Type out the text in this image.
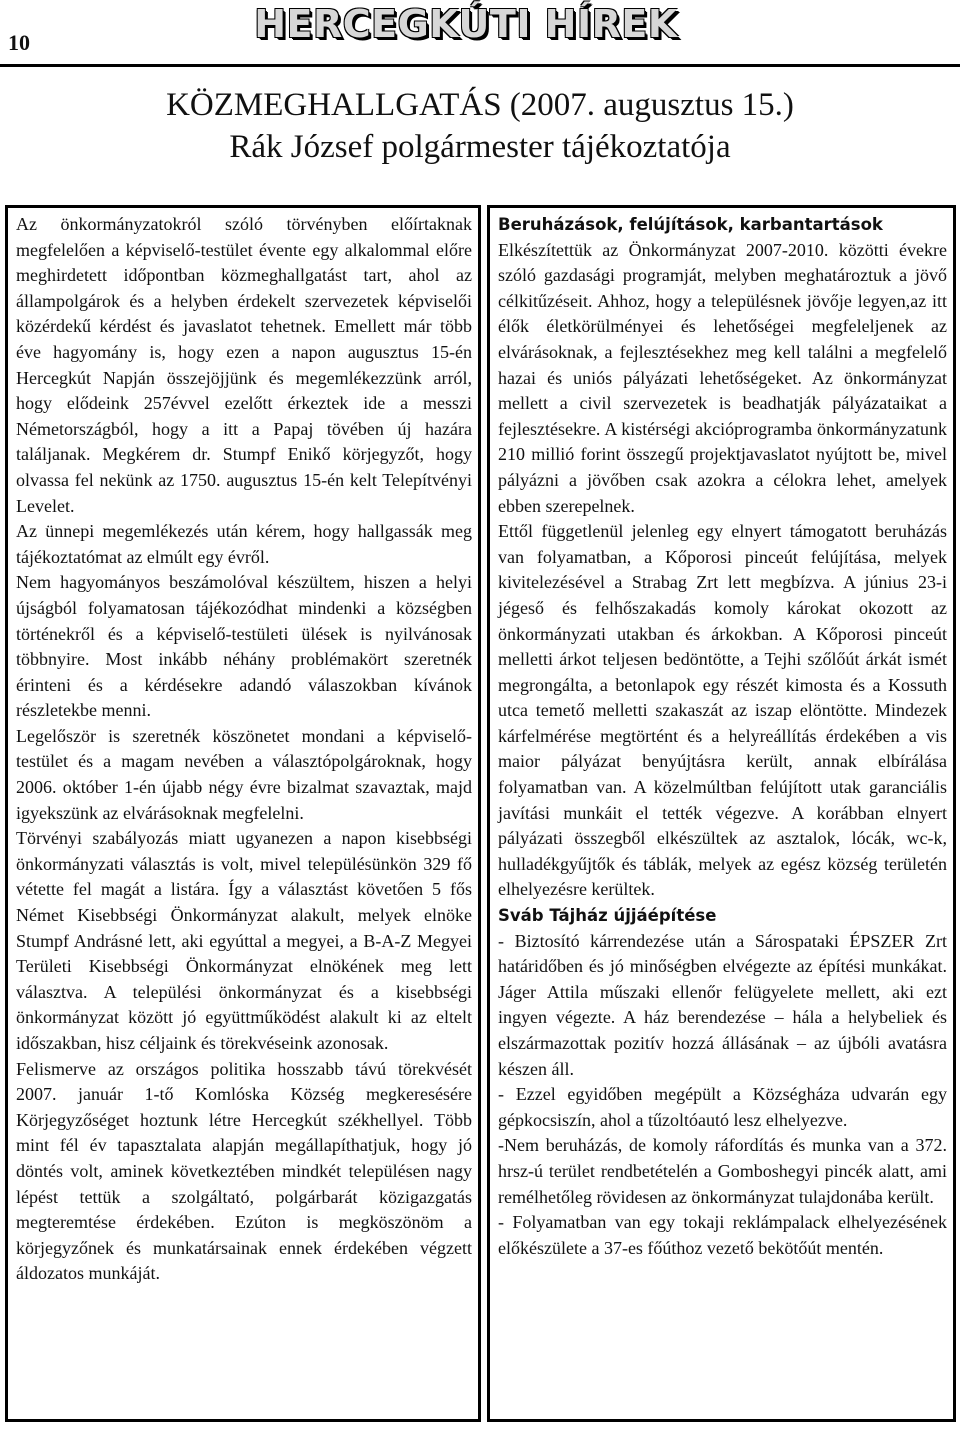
10	HERCEGKÚTI HÍREK
KÖZMEGHALLGATÁS (2007. augusztus 15.)
Rák József polgármester tájékoztatója

Az önkormányzatokról szóló törvényben előírtaknak megfelelően a képviselő-testület évente egy alkalommal előre meghirdetett időpontban közmeghallgatást tart, ahol az állampolgárok és a helyben érdekelt szervezetek képviselői közérdekű kérdést és javaslatot tehetnek. Emellett már több éve hagyomány is, hogy ezen a napon augusztus 15-én Hercegkút Napján összejöjjünk és megemlékezzünk arról, hogy elődeink 257évvel ezelőtt érkeztek ide a messzi Németországból, hogy a itt a Papaj tövében új hazára találjanak. Megkérem dr. Stumpf Enikő körjegyzőt, hogy olvassa fel nekünk az 1750. augusztus 15-én kelt Telepítvényi Levelet.

Az ünnepi megemlékezés után kérem, hogy hallgassák meg tájékoztatómat az elmúlt egy évről.

Nem hagyományos beszámolóval készültem, hiszen a helyi újságból folyamatosan tájékozódhat mindenki a községben történekről és a képviselő-testületi ülések is nyilvánosak többnyire. Most inkább néhány problémakört szeretnék érinteni és a kérdésekre adandó válaszokban kívánok részletekbe menni.

Legelőször is szeretnék köszönetet mondani a képviselő-testület és a magam nevében a választópolgároknak, hogy 2006. október 1-én újabb négy évre bizalmat szavaztak, majd igyekszünk az elvárásoknak megfelelni.

Törvényi szabályozás miatt ugyanezen a napon kisebbségi önkormányzati választás is volt, mivel településünkön 329 fő vétette fel magát a listára. Így a választást követően 5 fős Német Kisebbségi Önkormányzat alakult, melyek elnöke Stumpf Andrásné lett, aki egyúttal a megyei, a B-A-Z Megyei Területi Kisebbségi Önkormányzat elnökének meg lett választva. A települési önkormányzat és a kisebbségi önkormányzat között jó együttműködést alakult ki az eltelt időszakban, hisz céljaink és törekvéseink azonosak.

Felismerve az országos politika hosszabb távú törekvését 2007. január 1-tő Komlóska Község megkeresésére Körjegyzőséget hoztunk létre Hercegkút székhellyel. Több mint fél év tapasztalata alapján megállapíthatjuk, hogy jó döntés volt, aminek következtében mindkét településen nagy lépést tettük a szolgáltató, polgárbarát közigazgatás megteremtése érdekében. Ezúton is megköszönöm a körjegyzőnek és munkatársainak ennek érdekében végzett áldozatos munkáját.

Beruházások, felújítások, karbantartások

Elkészítettük az Önkormányzat 2007-2010. közötti évekre szóló gazdasági programját, melyben meghatároztuk a jövő célkitűzéseit. Ahhoz, hogy a településnek jövője legyen,az itt élők életkörülményei és lehetőségei megfeleljenek az elvárásoknak, a fejlesztésekhez meg kell találni a megfelelő hazai és uniós pályázati lehetőségeket. Az önkormányzat mellett a civil szervezetek is beadhatják pályázataikat a fejlesztésekre. A kistérségi akcióprogramba önkormányzatunk 210 millió forint összegű projektjavaslatot nyújtott be, mivel pályázni a jövőben csak azokra a célokra lehet, amelyek ebben szerepelnek.

Ettől függetlenül jelenleg egy elnyert támogatott beruházás van folyamatban, a Kőporosi pinceút felújítása, melyek kivitelezésével a Strabag Zrt lett megbízva. A június 23-i jégeső és felhőszakadás komoly károkat okozott az önkormányzati utakban és árkokban. A Kőporosi pinceút melletti árkot teljesen bedöntötte, a Tejhi szőlőút árkát ismét megrongálta, a betonlapok egy részét kimosta és a Kossuth utca temető melletti szakaszát az iszap elöntötte. Mindezek kárfelmérése megtörtént és a helyreállítás érdekében a vis maior pályázat benyújtásra került, annak elbírálása folyamatban van. A közelmúltban felújított utak garanciális javítási munkáit el tették végezve. A korábban elnyert pályázati összegből elkészültek az asztalok, lócák, wc-k, hulladékgyűjtők és táblák, melyek az egész község területén elhelyezésre kerültek.

Sváb Tájház újjáépítése

- Biztosító kárrendezése után a Sárospataki ÉPSZER Zrt határidőben és jó minőségben elvégezte az építési munkákat. Jáger Attila műszaki ellenőr felügyelete mellett, aki ezt ingyen végezte. A ház berendezése – hála a helybeliek és elszármazottak pozitív hozzá állásának – az újbóli avatásra készen áll.

- Ezzel egyidőben megépült a Községháza udvarán egy gépkocsiszín, ahol a tűzoltóautó lesz elhelyezve.

-Nem beruházás, de komoly ráfordítás és munka van a 372. hrsz-ú terület rendbetételén a Gomboshegyi pincék alatt, ami remélhetőleg rövidesen az önkormányzat tulajdonába került.

- Folyamatban van egy tokaji reklámpalack elhelyezésének előkészülete a 37-es főúthoz vezető bekötőút mentén.
